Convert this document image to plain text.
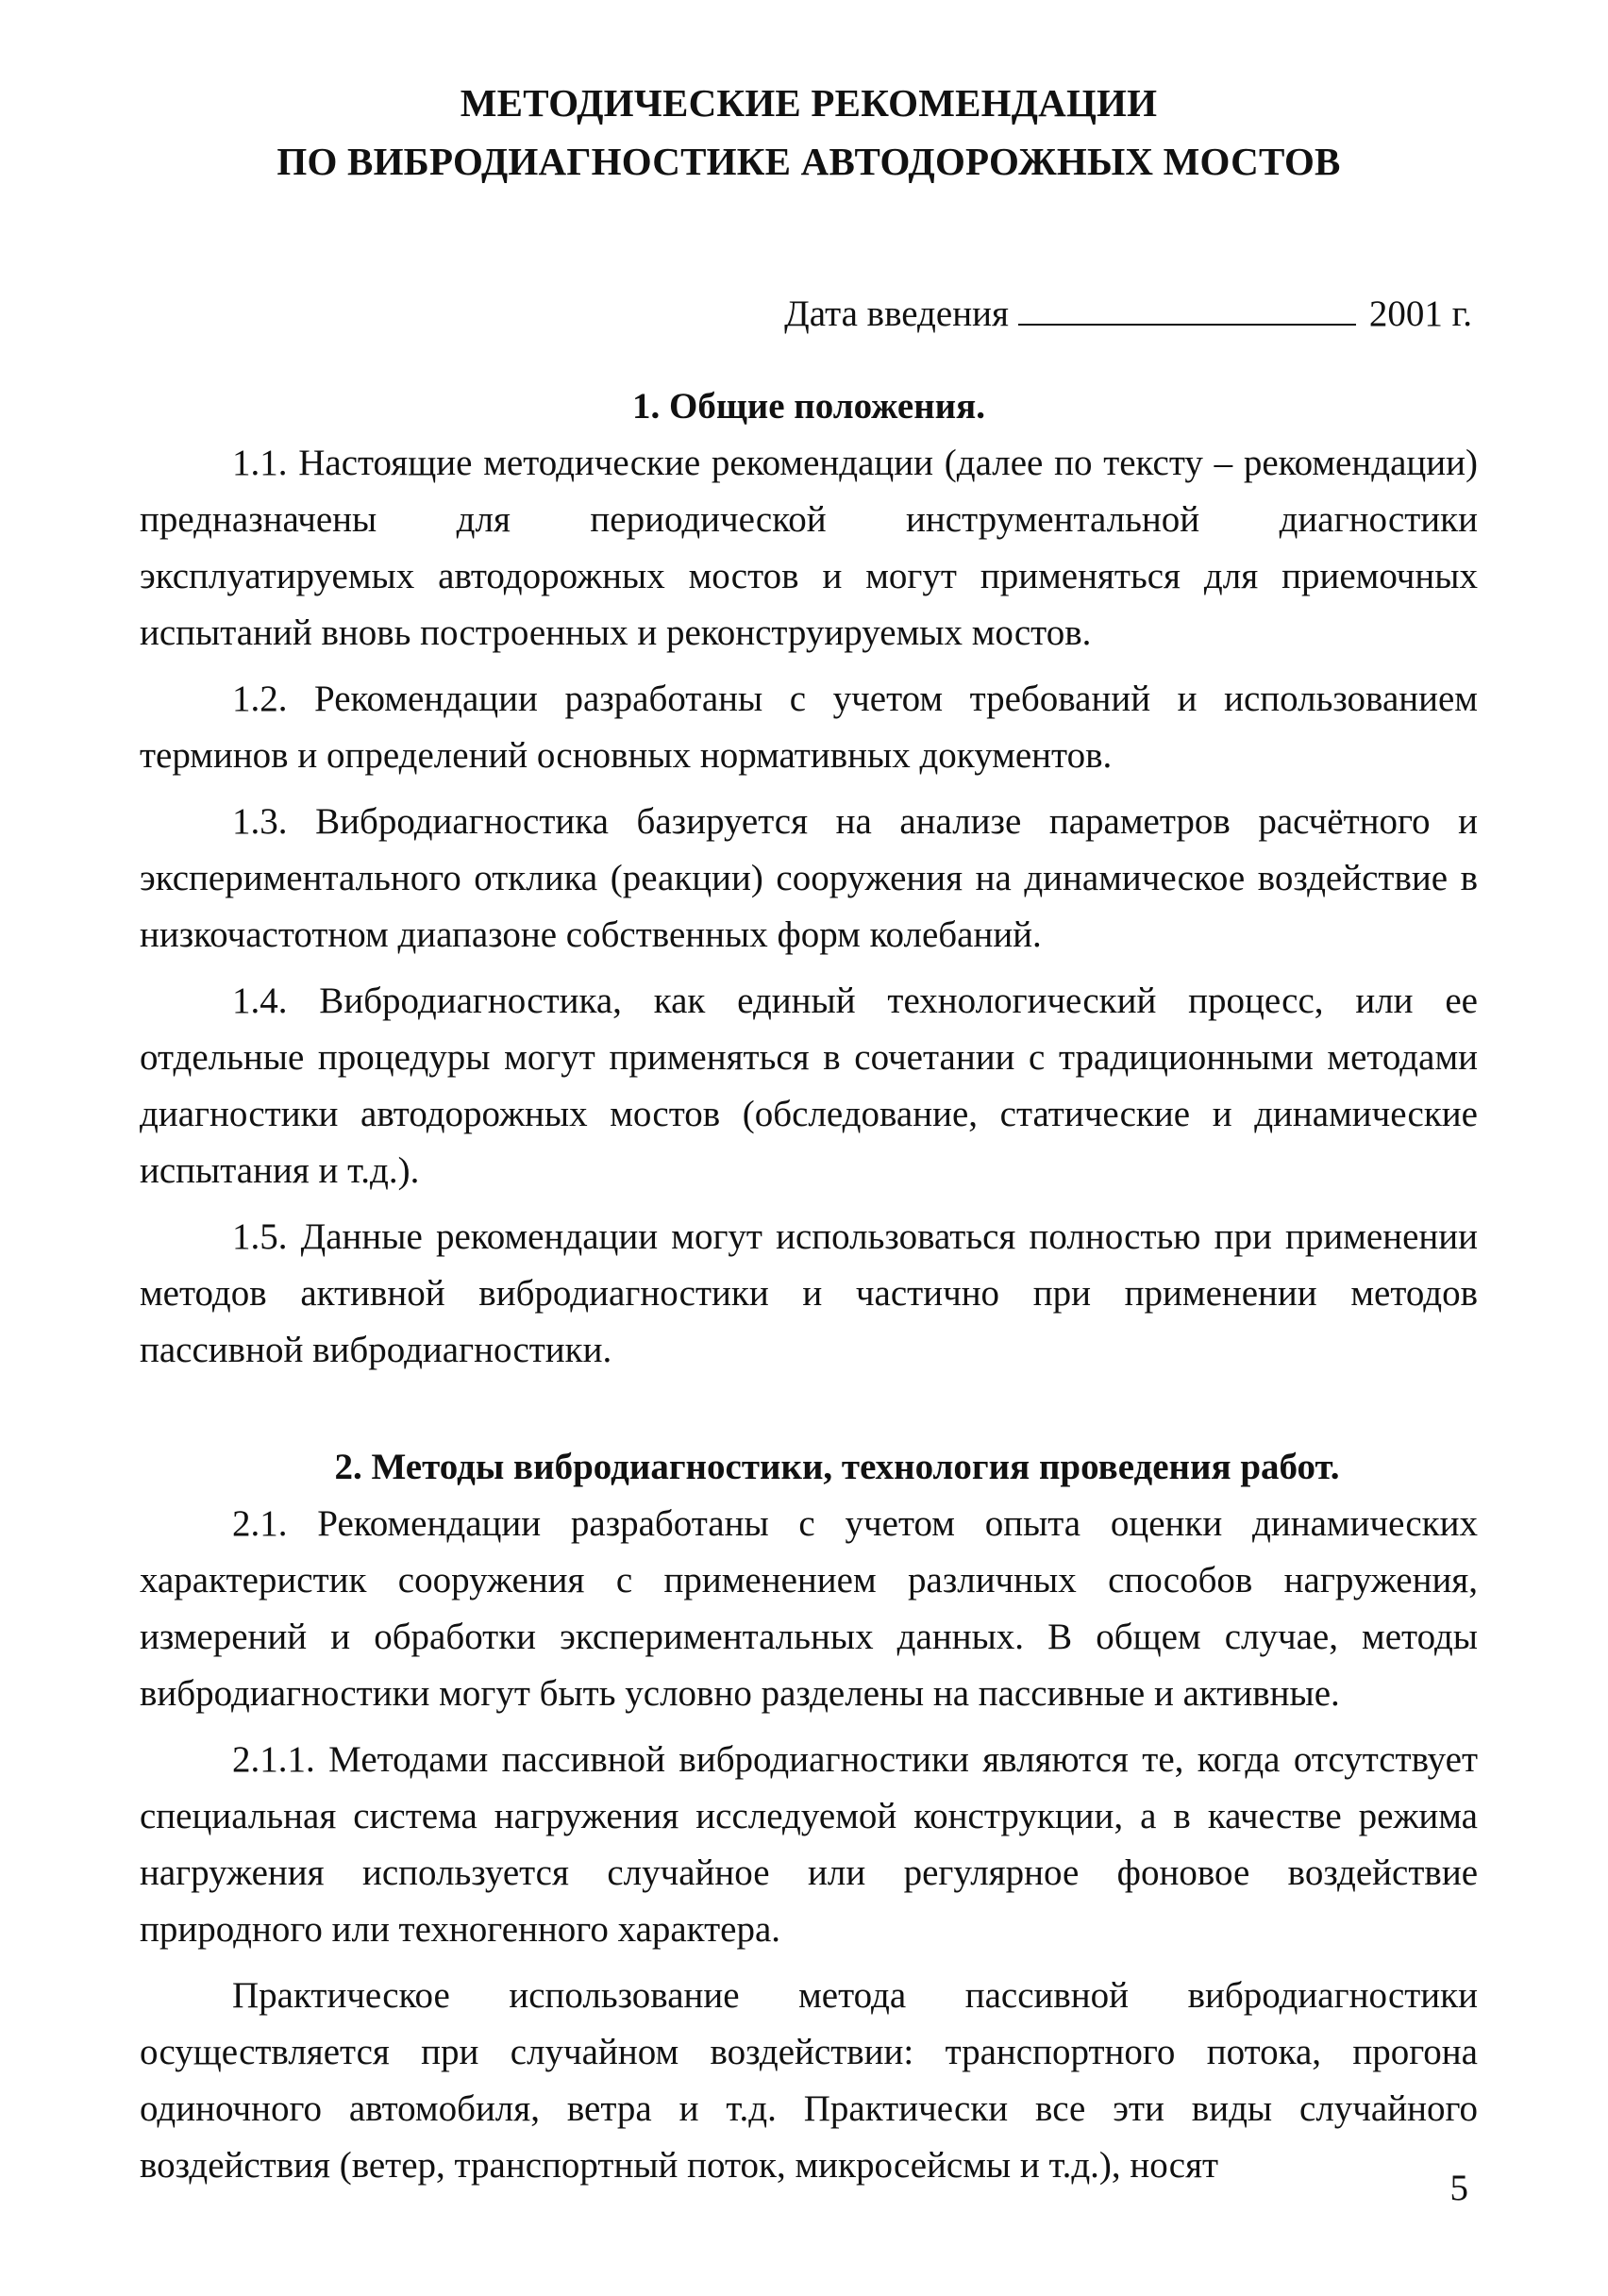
МЕТОДИЧЕСКИЕ РЕКОМЕНДАЦИИ
ПО ВИБРОДИАГНОСТИКЕ АВТОДОРОЖНЫХ МОСТОВ
Дата введения	2001 г.
1. Общие положения.

1.1. Настоящие методические рекомендации (далее по тексту – рекомендации) предназначены для периодической инструментальной диагностики эксплуатируемых автодорожных мостов и могут применяться для приемочных испытаний вновь построенных и реконструируемых мостов.

1.2. Рекомендации разработаны с учетом требований и использованием терминов и определений основных нормативных документов.

1.3. Вибродиагностика базируется на анализе параметров расчётного и экспериментального отклика (реакции) сооружения на динамическое воздействие в низкочастотном диапазоне собственных форм колебаний.

1.4. Вибродиагностика, как единый технологический процесс, или ее отдельные процедуры могут применяться в сочетании с традиционными методами диагностики автодорожных мостов (обследование, статические и динамические испытания и т.д.).

1.5. Данные рекомендации могут использоваться полностью при применении методов активной вибродиагностики и частично при применении методов пассивной вибродиагностики.

2. Методы вибродиагностики, технология проведения работ.

2.1. Рекомендации разработаны с учетом опыта оценки динамических характеристик сооружения с применением различных способов нагружения, измерений и обработки экспериментальных данных. В общем случае, методы вибродиагностики могут быть условно разделены на пассивные и активные.

2.1.1. Методами пассивной вибродиагностики являются те, когда отсутствует специальная система нагружения исследуемой конструкции, а в качестве режима нагружения используется случайное или регулярное фоновое воздействие природного или техногенного характера.

Практическое использование метода пассивной вибродиагностики осуществляется при случайном воздействии: транспортного потока, прогона одиночного автомобиля, ветра и т.д. Практически все эти виды случайного воздействия (ветер, транспортный поток, микросейсмы и т.д.), носят

5
